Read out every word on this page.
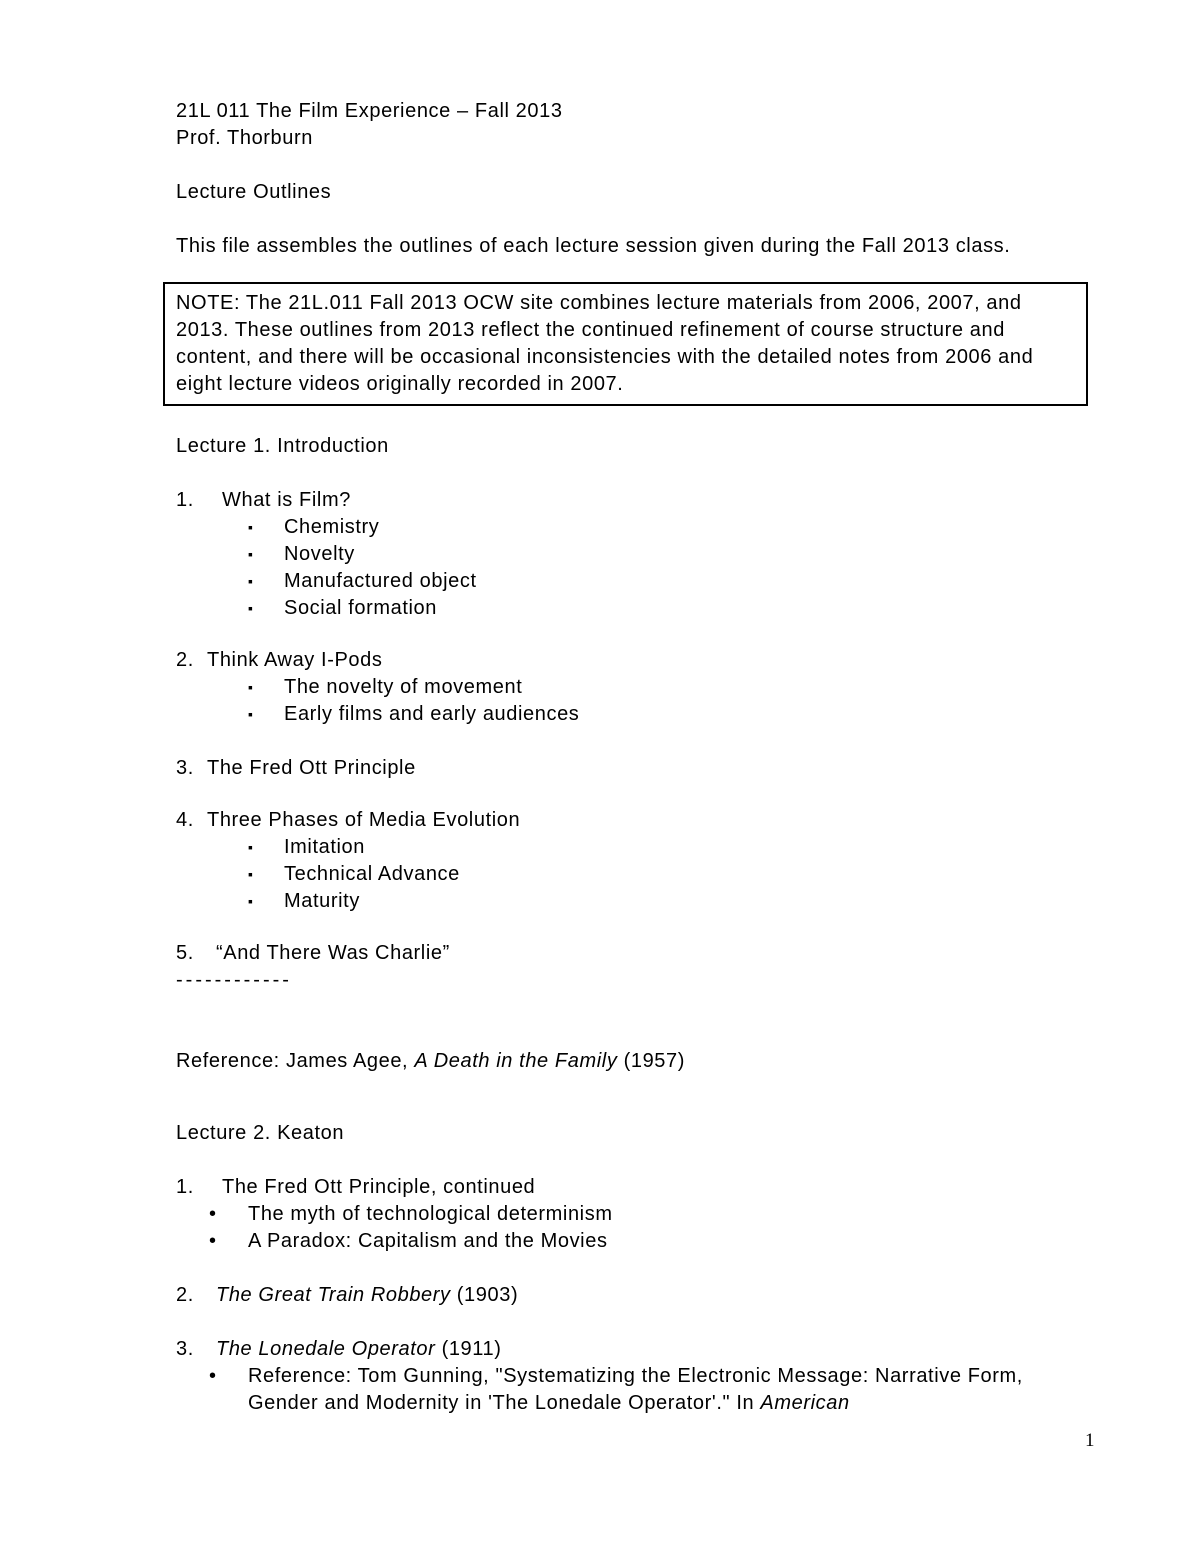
21L 011 The Film Experience – Fall 2013
Prof. Thorburn
Lecture Outlines
This file assembles the outlines of each lecture session given during the Fall 2013 class.
NOTE: The 21L.011 Fall 2013 OCW site combines lecture materials from 2006, 2007, and 2013. These outlines from 2013 reflect the continued refinement of course structure and content, and there will be occasional inconsistencies with the detailed notes from 2006 and eight lecture videos originally recorded in 2007.
Lecture 1. Introduction
1. What is Film?
▪ Chemistry
▪ Novelty
▪ Manufactured object
▪ Social formation
2. Think Away I-Pods
▪ The novelty of movement
▪ Early films and early audiences
3. The Fred Ott Principle
4. Three Phases of Media Evolution
▪ Imitation
▪ Technical Advance
▪ Maturity
5. “And There Was Charlie”
------------
Reference: James Agee, A Death in the Family (1957)
Lecture 2. Keaton
1. The Fred Ott Principle, continued
• The myth of technological determinism
• A Paradox: Capitalism and the Movies
2. The Great Train Robbery (1903)
3. The Lonedale Operator (1911)
• Reference: Tom Gunning, "Systematizing the Electronic Message: Narrative Form, Gender and Modernity in 'The Lonedale Operator'." In American
1
